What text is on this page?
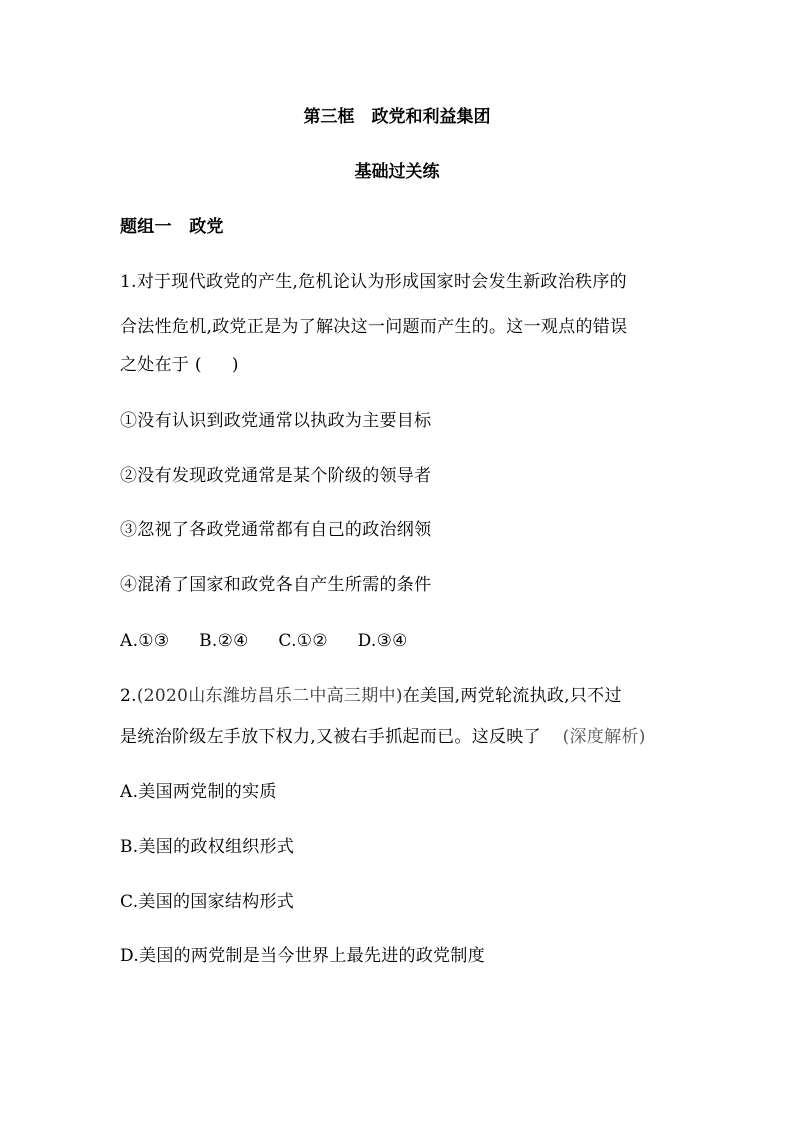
第三框　政党和利益集团
基础过关练
题组一　政党
1.对于现代政党的产生,危机论认为形成国家时会发生新政治秩序的
合法性危机,政党正是为了解决这一问题而产生的。这一观点的错误
之处在于 ( )
①没有认识到政党通常以执政为主要目标
②没有发现政党通常是某个阶级的领导者
③忽视了各政党通常都有自己的政治纲领
④混淆了国家和政党各自产生所需的条件
A.①③ B.②④ C.①② D.③④
2.(2020山东潍坊昌乐二中高三期中)在美国,两党轮流执政,只不过
是统治阶级左手放下权力,又被右手抓起而已。这反映了 (深度解析)
A.美国两党制的实质
B.美国的政权组织形式
C.美国的国家结构形式
D.美国的两党制是当今世界上最先进的政党制度
